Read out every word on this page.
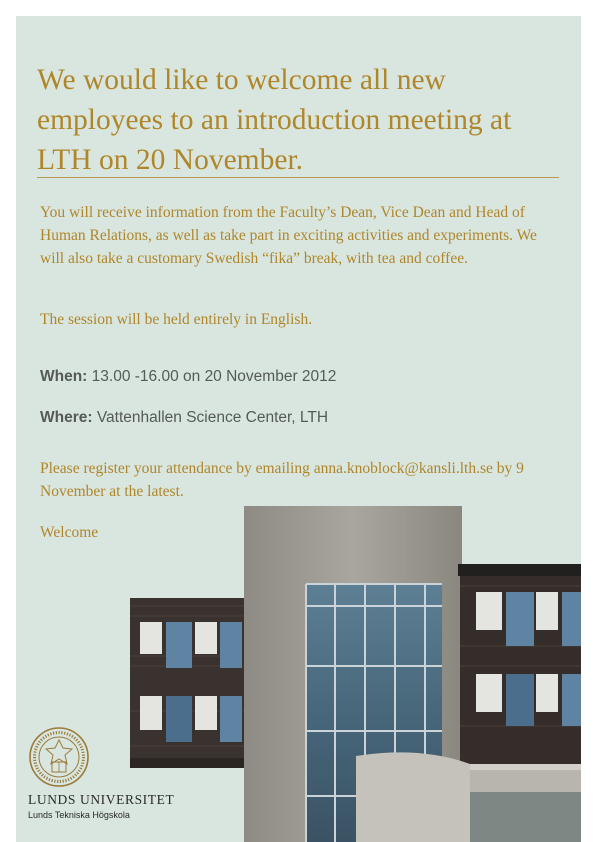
We would like to welcome all new employees to an introduction meeting at LTH on 20 November.

You will receive information from the Faculty’s Dean, Vice Dean and Head of Human Relations, as well as take part in exciting activities and experiments. We will also take a customary Swedish “fika” break, with tea and coffee.

The session will be held entirely in English.

When: 13.00 -16.00 on 20 November 2012

Where: Vattenhallen Science Center, LTH

Please register your attendance by emailing anna.knoblock@kansli.lth.se by 9 November at the latest.

Welcome

LUNDS UNIVERSITET

Lunds Tekniska Högskola
